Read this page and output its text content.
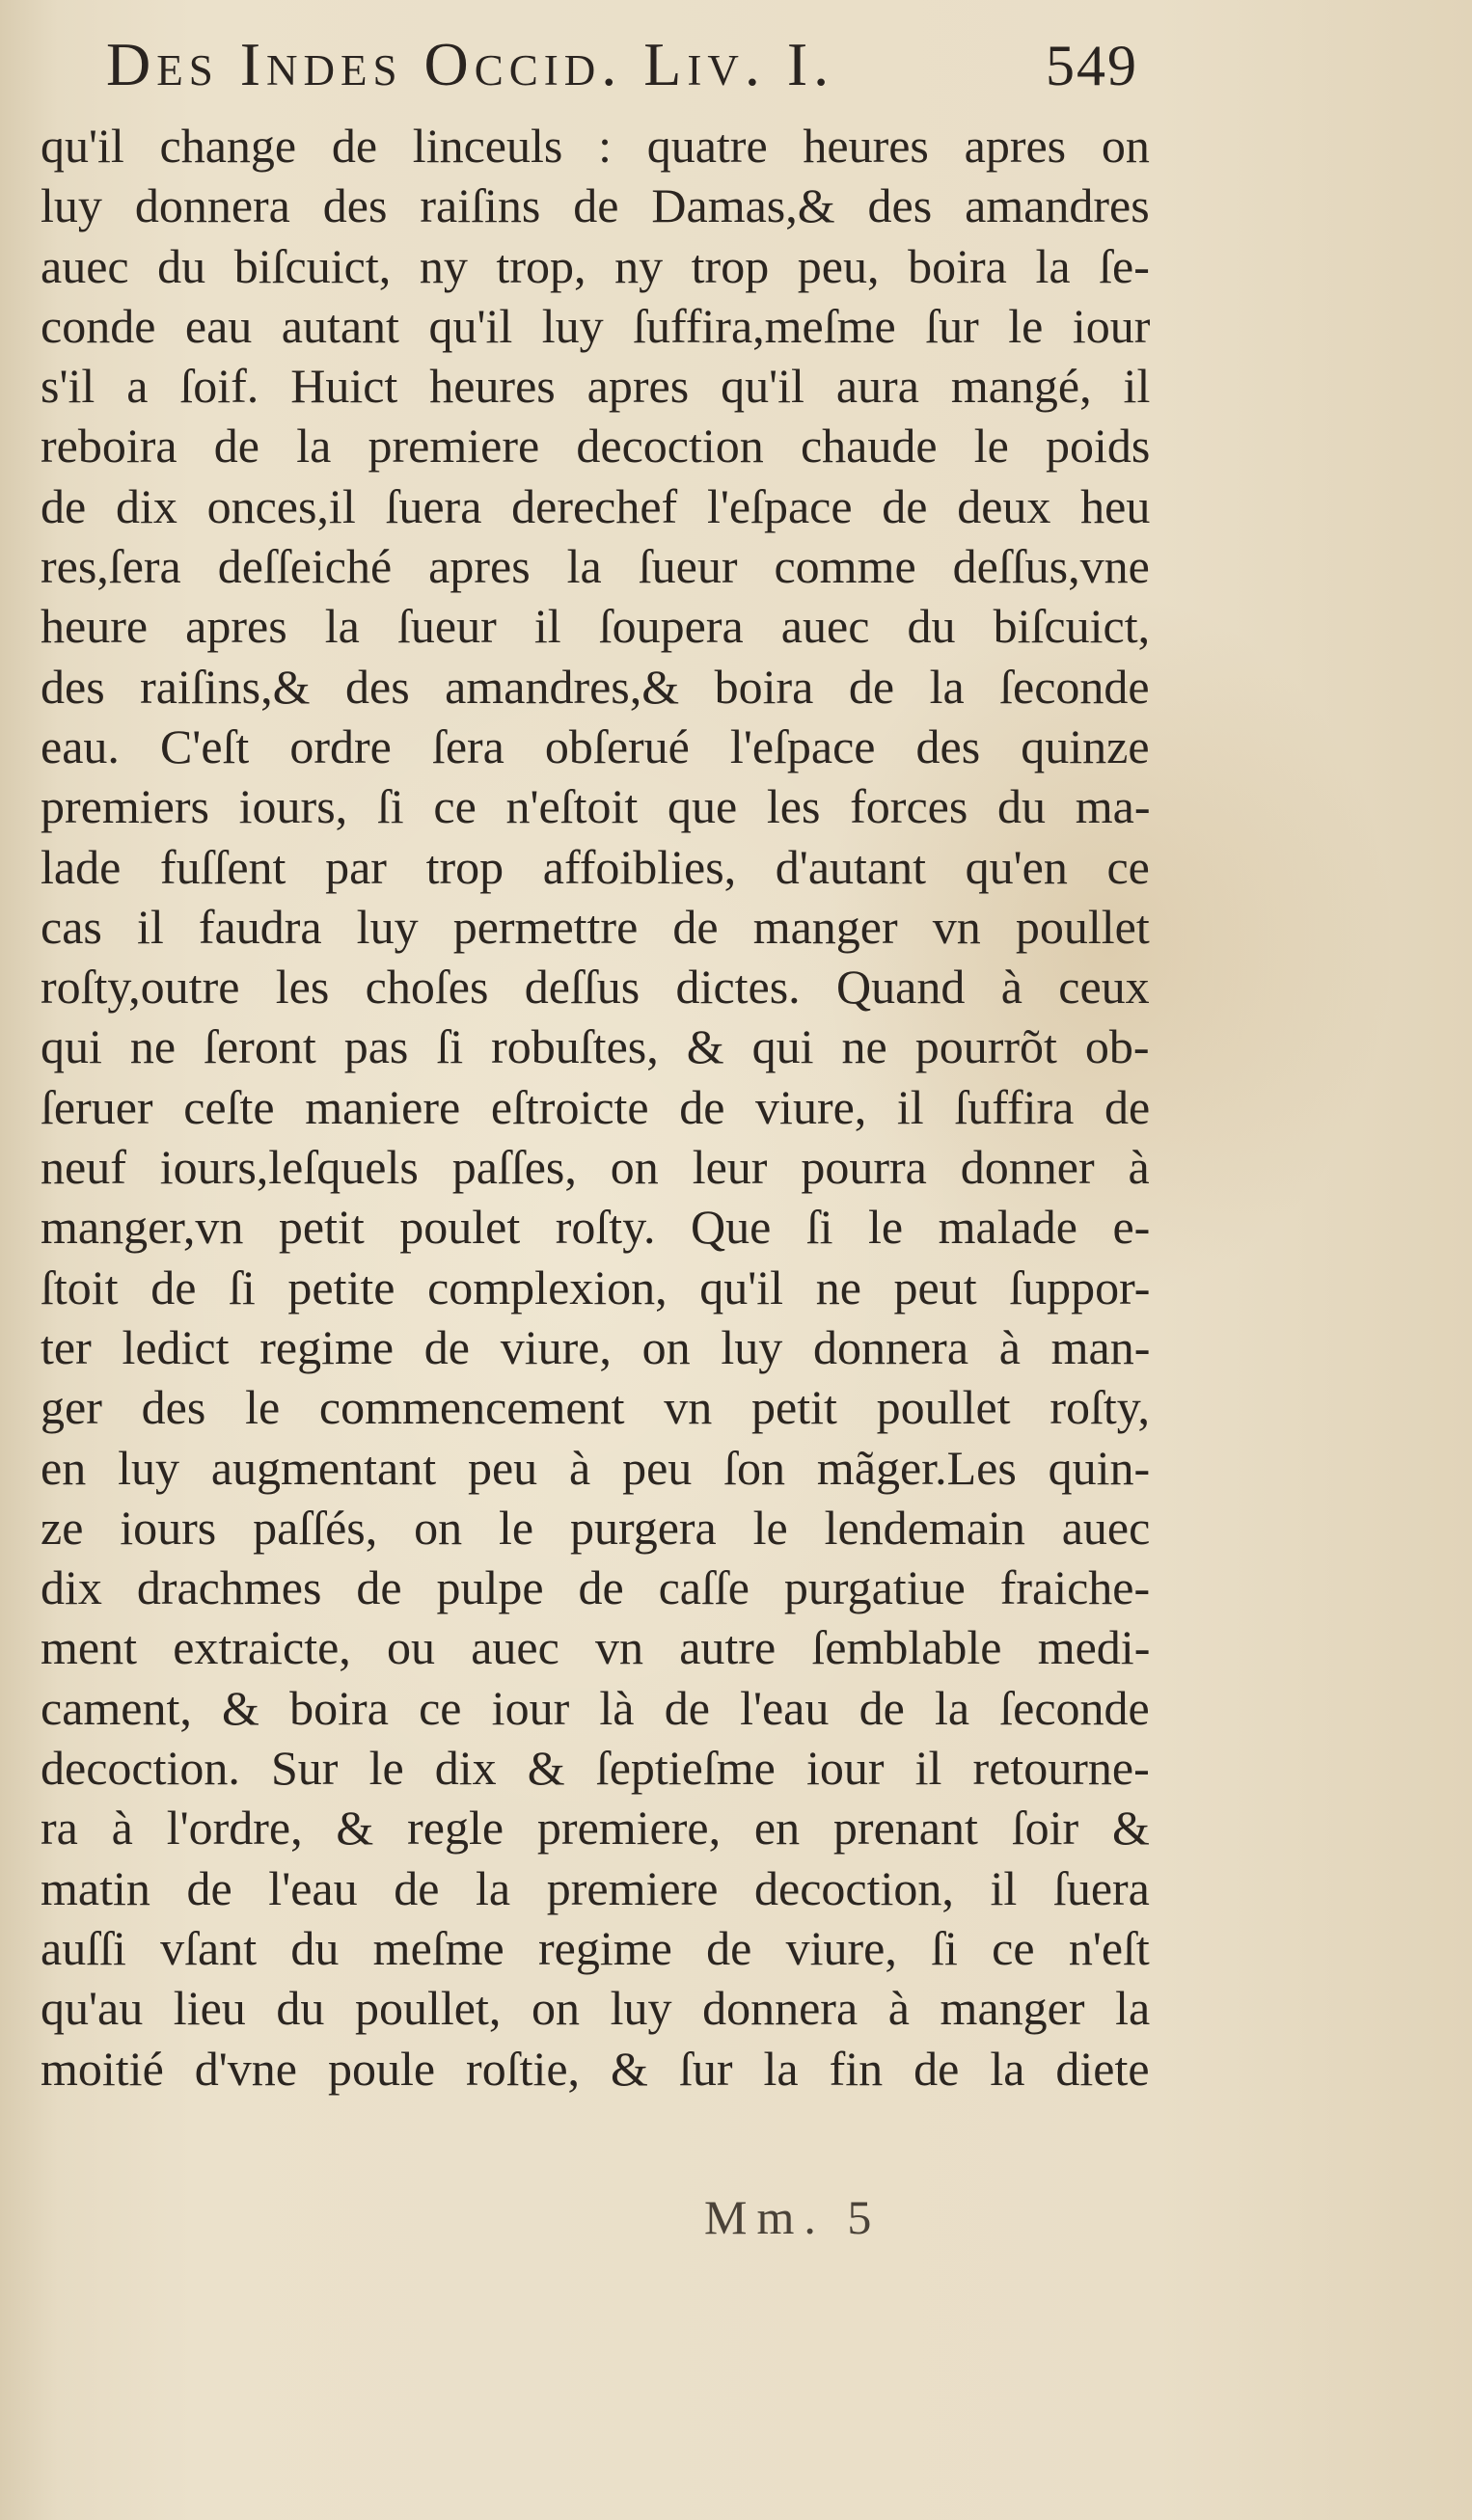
Des Indes Occid. Liv. I.	549
qu'il change de linceuls : quatre heures apres on
luy donnera des raiſins de Damas,& des amandres
auec du biſcuict, ny trop, ny trop peu, boira la ſe-
conde eau autant qu'il luy ſuffira,meſme ſur le iour
s'il a ſoif. Huict heures apres qu'il aura mangé, il
reboira de la premiere decoction chaude le poids
de dix onces,il ſuera derechef l'eſpace de deux heu
res,ſera deſſeiché apres la ſueur comme deſſus,vne
heure apres la ſueur il ſoupera auec du biſcuict,
des raiſins,& des amandres,& boira de la ſeconde
eau. C'eſt ordre ſera obſerué l'eſpace des quinze
premiers iours, ſi ce n'eſtoit que les forces du ma-
lade fuſſent par trop affoiblies, d'autant qu'en ce
cas il faudra luy permettre de manger vn poullet
roſty,outre les choſes deſſus dictes. Quand à ceux
qui ne ſeront pas ſi robuſtes, & qui ne pourrõt ob-
ſeruer ceſte maniere eſtroicte de viure, il ſuffira de
neuf iours,leſquels paſſes, on leur pourra donner à
manger,vn petit poulet roſty. Que ſi le malade e-
ſtoit de ſi petite complexion, qu'il ne peut ſuppor-
ter ledict regime de viure, on luy donnera à man-
ger des le commencement vn petit poullet roſty,
en luy augmentant peu à peu ſon mãger.Les quin-
ze iours paſſés, on le purgera le lendemain auec
dix drachmes de pulpe de caſſe purgatiue fraiche-
ment extraicte, ou auec vn autre ſemblable medi-
cament, & boira ce iour là de l'eau de la ſeconde
decoction. Sur le dix & ſeptieſme iour il retourne-
ra à l'ordre, & regle premiere, en prenant ſoir &
matin de l'eau de la premiere decoction, il ſuera
auſſi vſant du meſme regime de viure, ſi ce n'eſt
qu'au lieu du poullet, on luy donnera à manger la
moitié d'vne poule roſtie, & ſur la fin de la diete
Mm. 5
